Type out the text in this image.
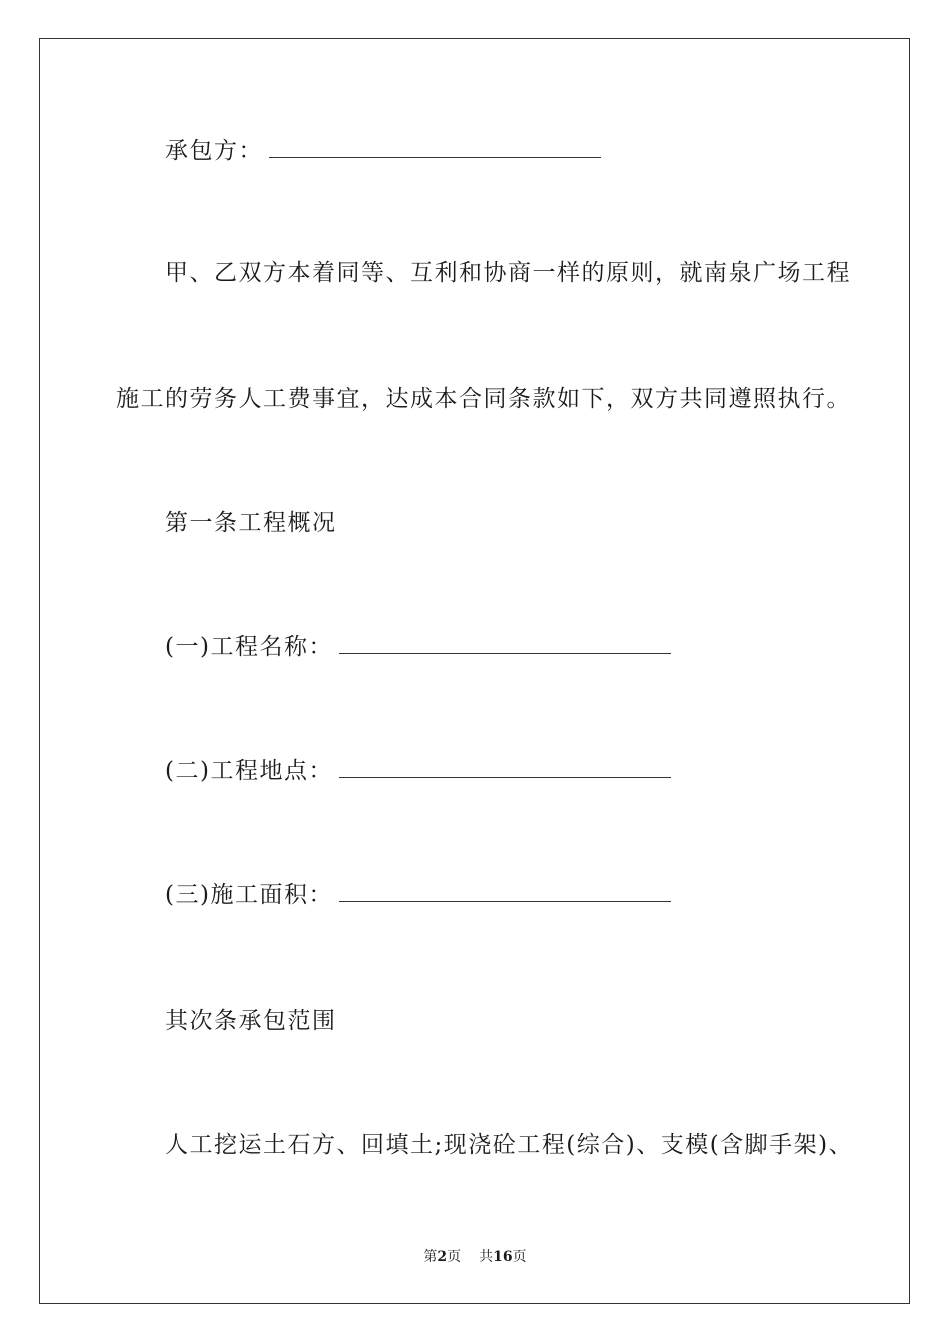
承包方：
甲、乙双方本着同等、互利和协商一样的原则，就南泉广场工程
施工的劳务人工费事宜，达成本合同条款如下，双方共同遵照执行。
第一条工程概况
(一)工程名称：
(二)工程地点：
(三)施工面积：
其次条承包范围
人工挖运土石方、回填土;现浇砼工程(综合)、支模(含脚手架)、
第2页 共16页
